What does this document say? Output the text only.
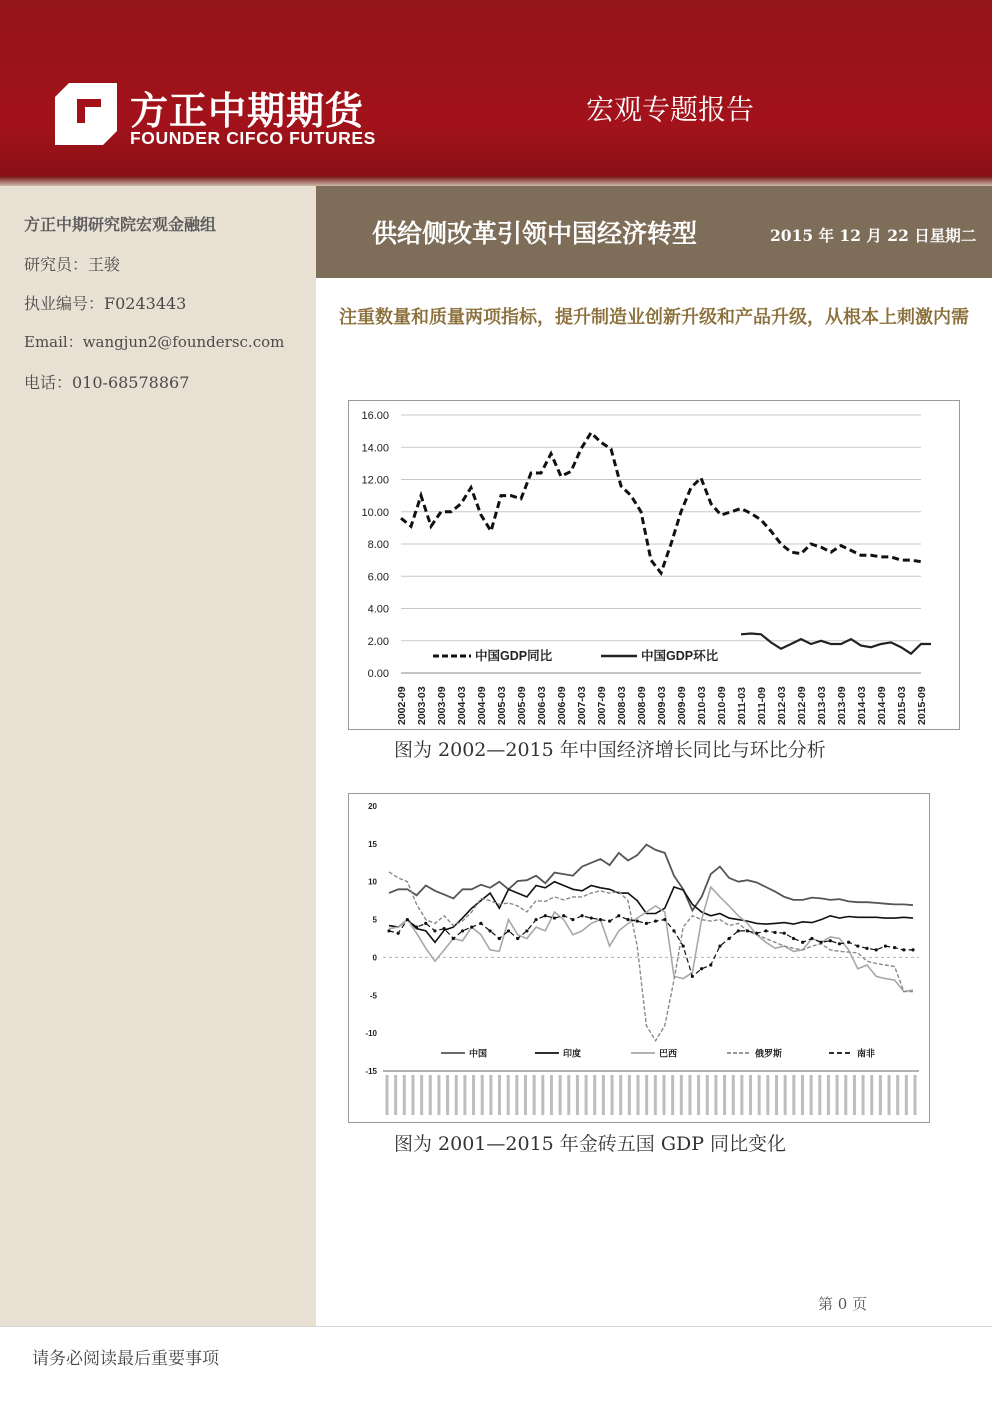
方正中期期货
FOUNDER CIFCO FUTURES
宏观专题报告
方正中期研究院宏观金融组
研究员：王骏
执业编号：F0243443
Email：wangjun2@foundersc.com
电话：010-68578867
供给侧改革引领中国经济转型	2015 年 12 月 22 日星期二
注重数量和质量两项指标，提升制造业创新升级和产品升级，从根本上刺激内需
0.00
2.00
4.00
6.00
8.00
10.00
12.00
14.00
16.00
2002-09 2003-03 2003-09 2004-03 2004-09 2005-03 2005-09 2006-03 2006-09 2007-03 2007-09 2008-03 2008-09 2009-03 2009-09 2010-03 2010-09 2011-03 2011-09 2012-03 2012-09 2013-03 2013-09 2014-03 2014-09 2015-03 2015-09
中国GDP同比	中国GDP环比
图为 2002—2015 年中国经济增长同比与环比分析
20
15
10
5
0
-5
-10
-15
中国	印度	巴西	俄罗斯	南非
图为 2001—2015 年金砖五国 GDP 同比变化
第 0 页
请务必阅读最后重要事项
